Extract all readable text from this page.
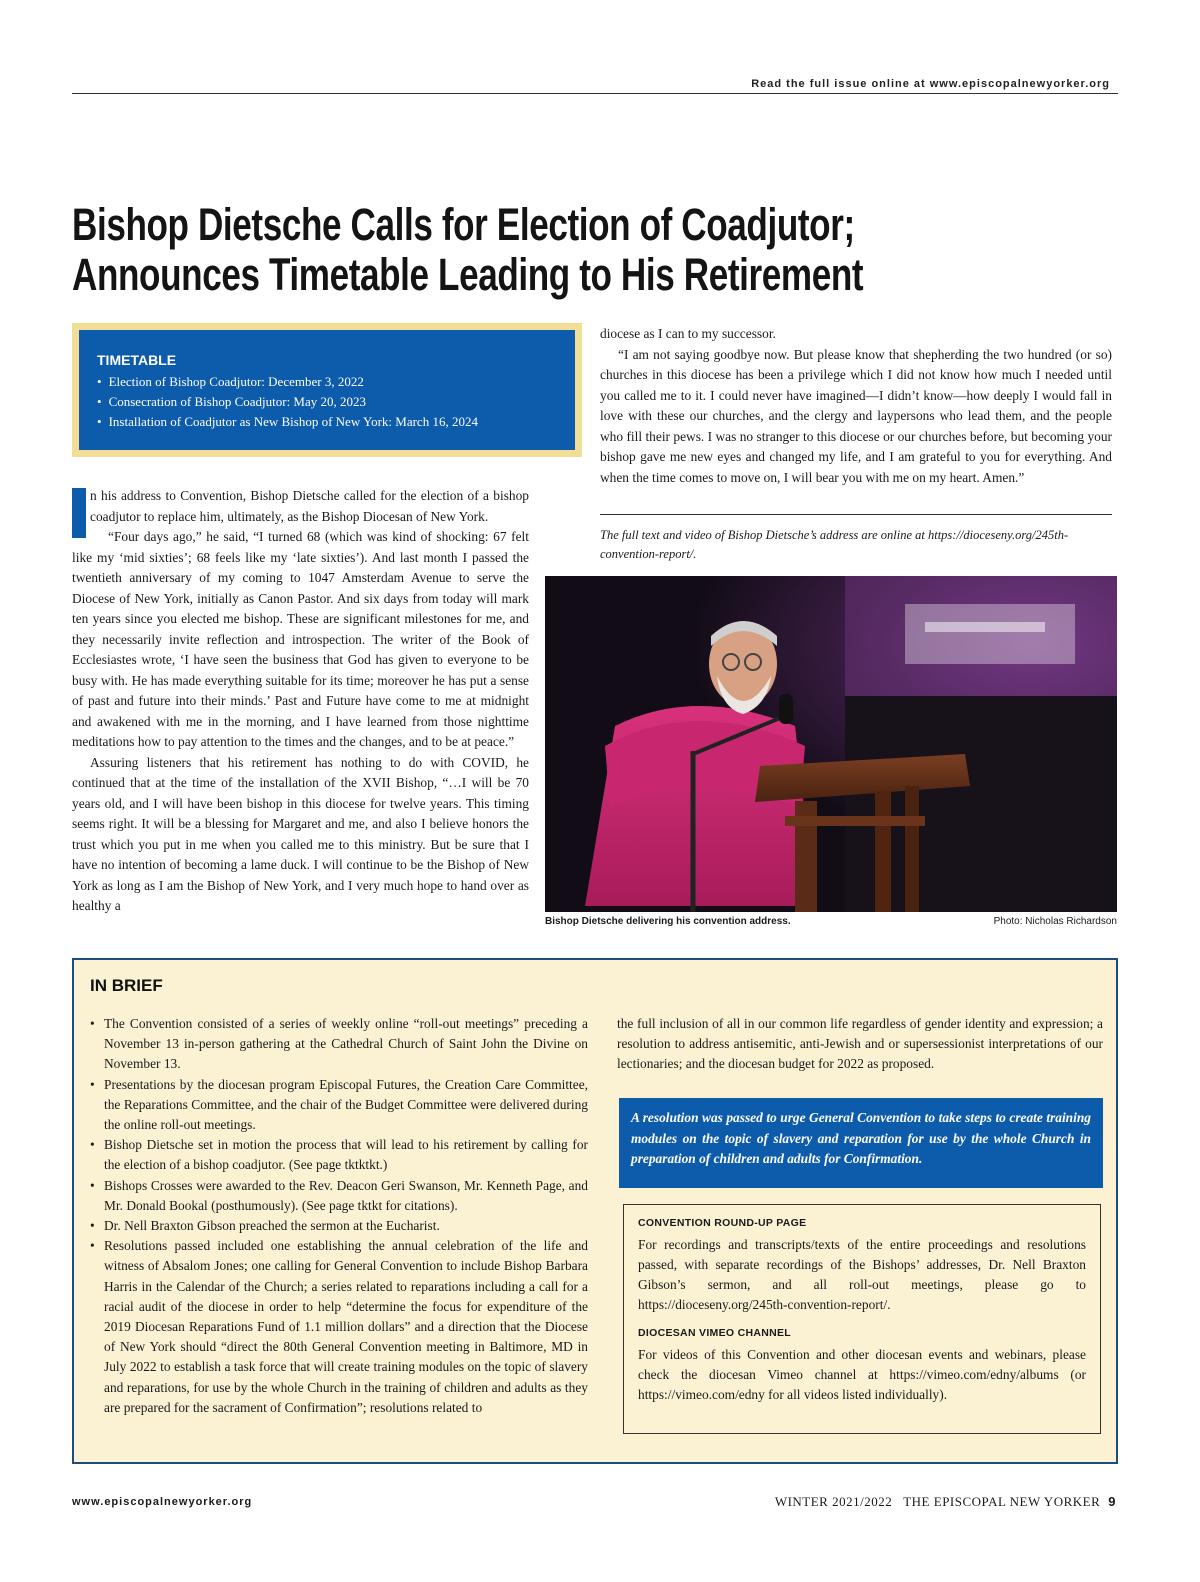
Read the full issue online at www.episcopalnewyorker.org
Bishop Dietsche Calls for Election of Coadjutor;
Announces Timetable Leading to His Retirement
TIMETABLE
• Election of Bishop Coadjutor: December 3, 2022
• Consecration of Bishop Coadjutor: May 20, 2023
• Installation of Coadjutor as New Bishop of New York: March 16, 2024
I	n his address to Convention, Bishop Dietsche called for the election of a bishop coadjutor to replace him, ultimately, as the Bishop Diocesan of New York.

“Four days ago,” he said, “I turned 68 (which was kind of shocking: 67 felt like my ‘mid sixties’; 68 feels like my ‘late sixties’). And last month I passed the twentieth anniversary of my coming to 1047 Amsterdam Avenue to serve the Diocese of New York, initially as Canon Pastor. And six days from today will mark ten years since you elected me bishop. These are significant milestones for me, and they necessarily invite reflection and introspection. The writer of the Book of Ecclesiastes wrote, ‘I have seen the business that God has given to everyone to be busy with. He has made everything suitable for its time; moreover he has put a sense of past and future into their minds.’ Past and Future have come to me at midnight and awakened with me in the morning, and I have learned from those nighttime meditations how to pay attention to the times and the changes, and to be at peace.”

Assuring listeners that his retirement has nothing to do with COVID, he continued that at the time of the installation of the XVII Bishop, “…I will be 70 years old, and I will have been bishop in this diocese for twelve years. This timing seems right. It will be a blessing for Margaret and me, and also I believe honors the trust which you put in me when you called me to this ministry. But be sure that I have no intention of becoming a lame duck. I will continue to be the Bishop of New York as long as I am the Bishop of New York, and I very much hope to hand over as healthy a

diocese as I can to my successor.

“I am not saying goodbye now. But please know that shepherding the two hundred (or so) churches in this diocese has been a privilege which I did not know how much I needed until you called me to it. I could never have imagined—I didn’t know—how deeply I would fall in love with these our churches, and the clergy and laypersons who lead them, and the people who fill their pews. I was no stranger to this diocese or our churches before, but becoming your bishop gave me new eyes and changed my life, and I am grateful to you for everything. And when the time comes to move on, I will bear you with me on my heart. Amen.”

The full text and video of Bishop Dietsche’s address are online at https://dioceseny.org/245th-convention-report/.
Bishop Dietsche delivering his convention address.	Photo: Nicholas Richardson
IN BRIEF
• The Convention consisted of a series of weekly online “roll-out meetings” preceding a November 13 in-person gathering at the Cathedral Church of Saint John the Divine on November 13.
• Presentations by the diocesan program Episcopal Futures, the Creation Care Committee, the Reparations Committee, and the chair of the Budget Committee were delivered during the online roll-out meetings.
• Bishop Dietsche set in motion the process that will lead to his retirement by calling for the election of a bishop coadjutor. (See page tktktkt.)
• Bishops Crosses were awarded to the Rev. Deacon Geri Swanson, Mr. Kenneth Page, and Mr. Donald Bookal (posthumously). (See page tktkt for citations).
• Dr. Nell Braxton Gibson preached the sermon at the Eucharist.
• Resolutions passed included one establishing the annual celebration of the life and witness of Absalom Jones; one calling for General Convention to include Bishop Barbara Harris in the Calendar of the Church; a series related to reparations including a call for a racial audit of the diocese in order to help “determine the focus for expenditure of the 2019 Diocesan Reparations Fund of 1.1 million dollars” and a direction that the Diocese of New York should “direct the 80th General Convention meeting in Baltimore, MD in July 2022 to establish a task force that will create training modules on the topic of slavery and reparations, for use by the whole Church in the training of children and adults as they are prepared for the sacrament of Confirmation”; resolutions related to
the full inclusion of all in our common life regardless of gender identity and expression; a resolution to address antisemitic, anti-Jewish and or supersessionist interpretations of our lectionaries; and the diocesan budget for 2022 as proposed.
A resolution was passed to urge General Convention to take steps to create training modules on the topic of slavery and reparation for use by the whole Church in preparation of children and adults for Confirmation.
CONVENTION ROUND-UP PAGE

For recordings and transcripts/texts of the entire proceedings and resolutions passed, with separate recordings of the Bishops’ addresses, Dr. Nell Braxton Gibson’s sermon, and all roll-out meetings, please go to https://dioceseny.org/245th-convention-report/.

DIOCESAN VIMEO CHANNEL

For videos of this Convention and other diocesan events and webinars, please check the diocesan Vimeo channel at https://vimeo.com/edny/albums (or https://vimeo.com/edny for all videos listed individually).

www.episcopalnewyorker.org	WINTER 2021/2022   THE EPISCOPAL NEW YORKER 9
